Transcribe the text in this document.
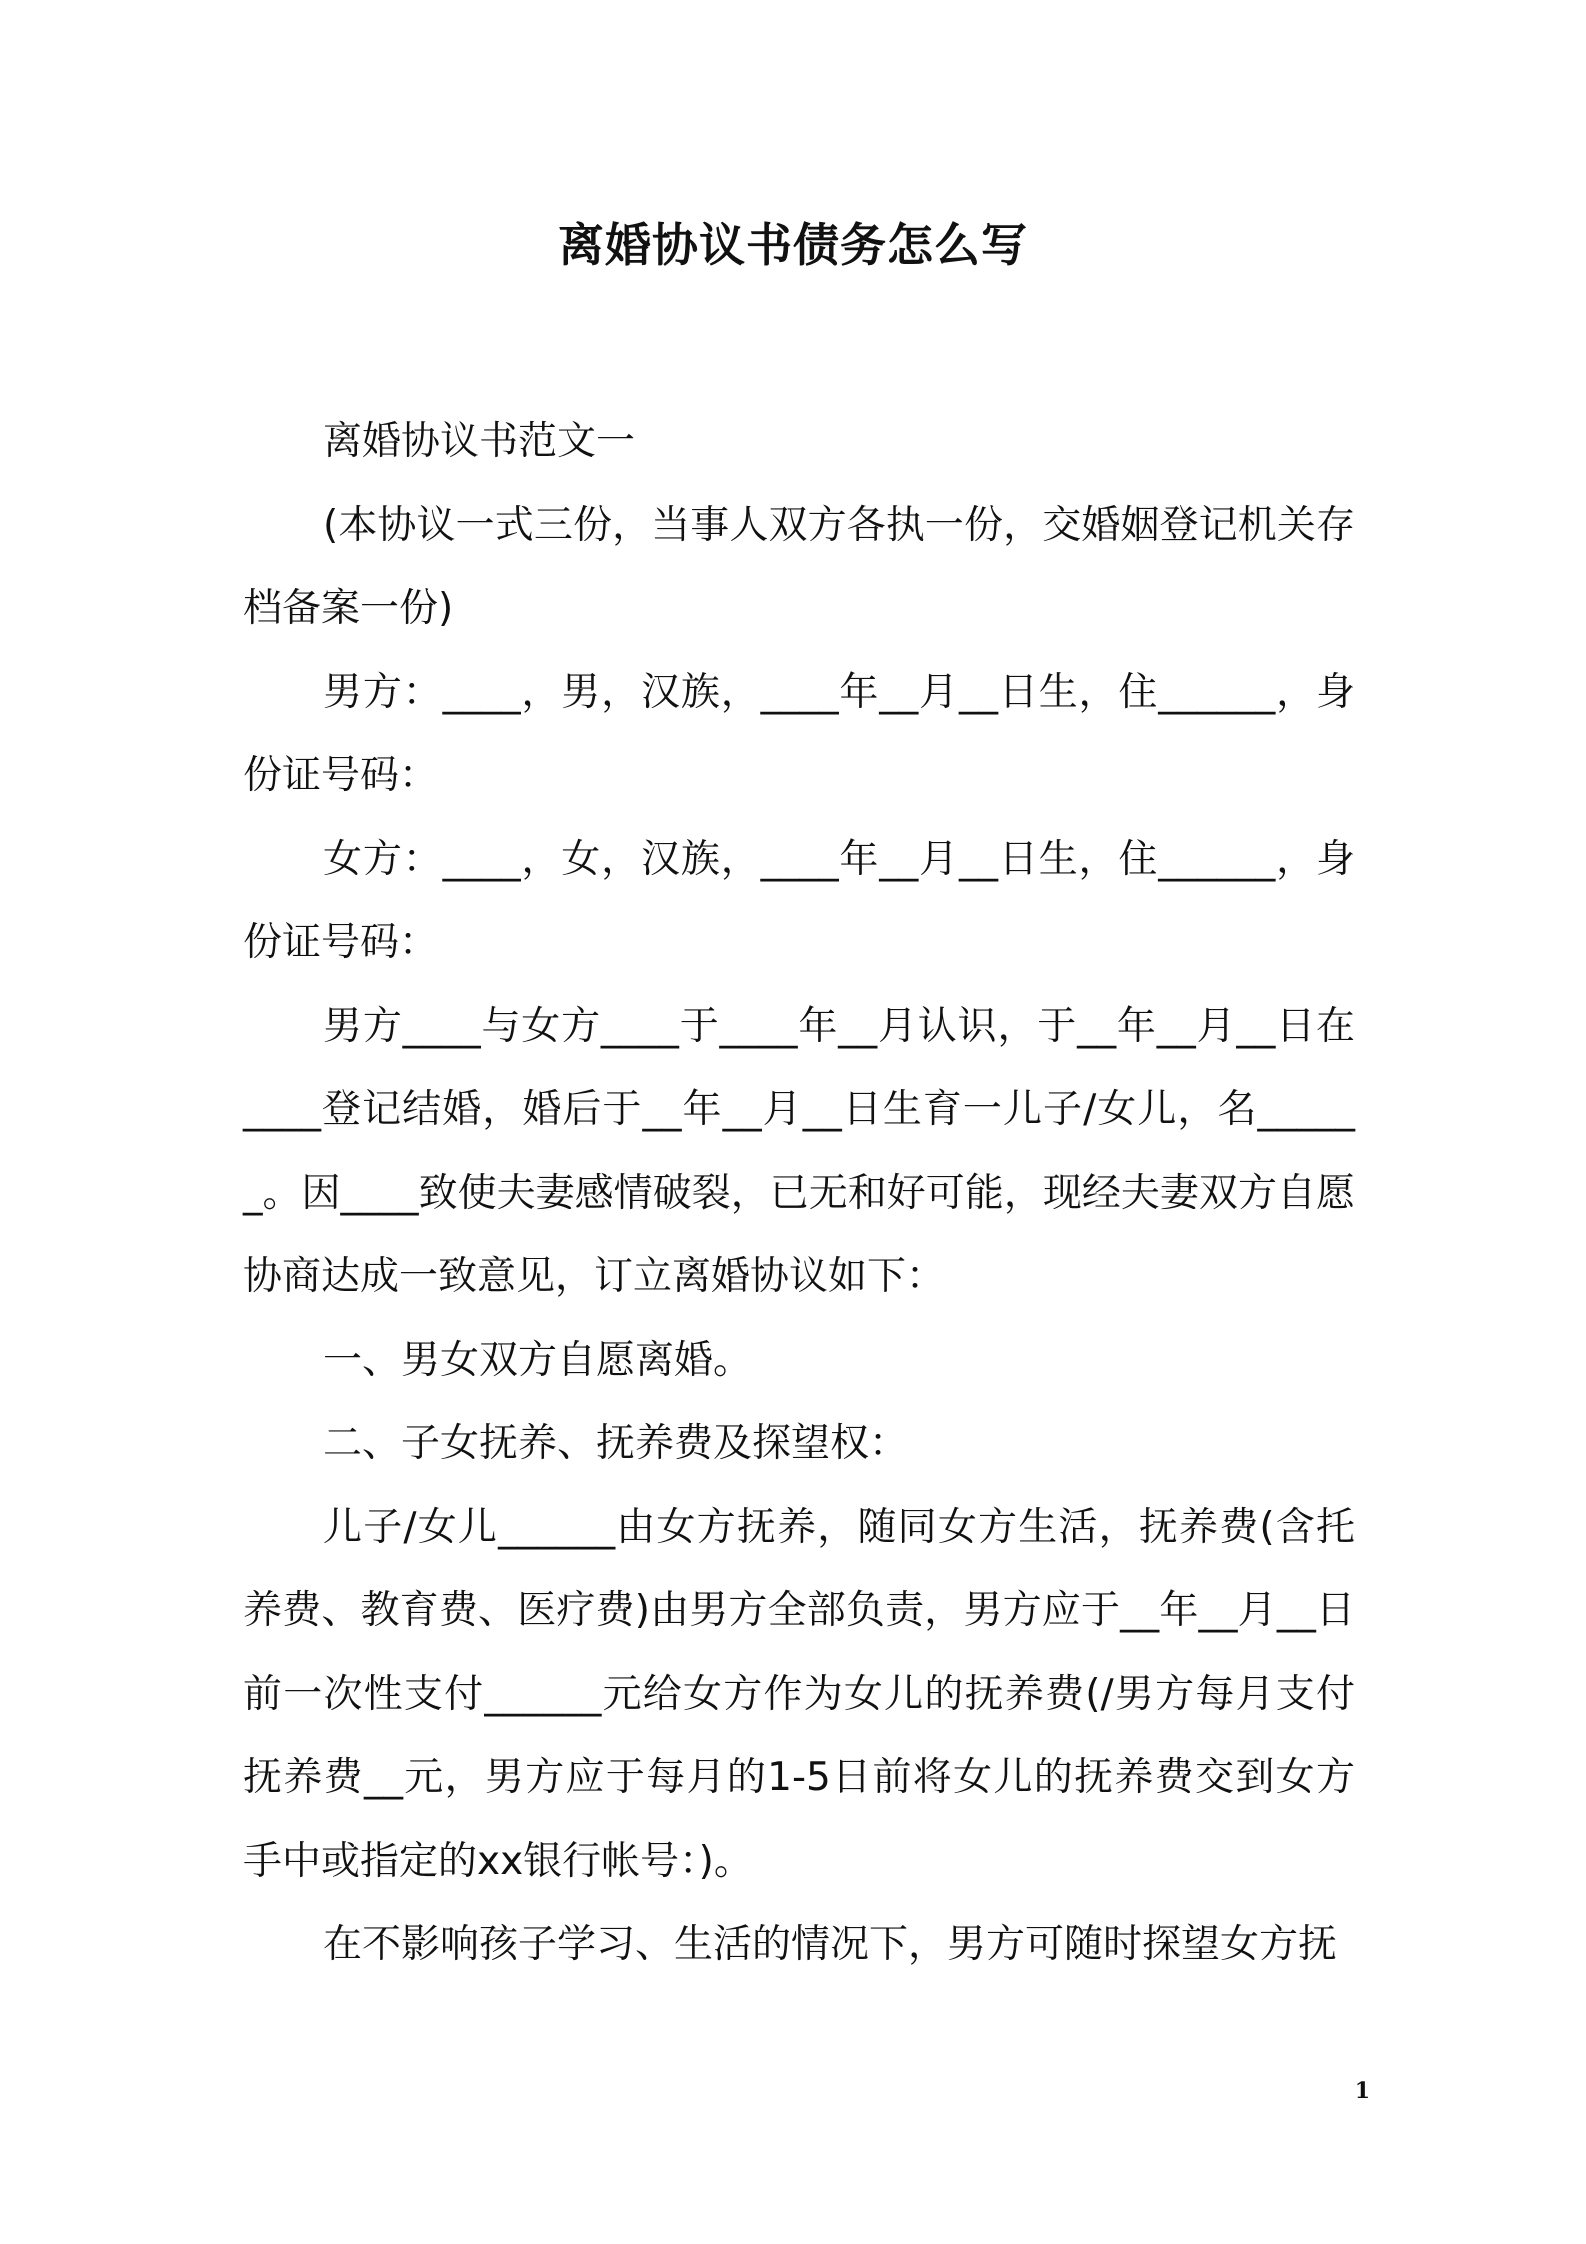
离婚协议书债务怎么写

离婚协议书范文一

(本协议一式三份，当事人双方各执一份，交婚姻登记机关存档备案一份)

男方：____，男，汉族，____年__月__日生，住______，身份证号码：

女方：____，女，汉族，____年__月__日生，住______，身份证号码：

男方____与女方____于____年__月认识，于__年__月__日在____登记结婚，婚后于__年__月__日生育一儿子/女儿，名______。因____致使夫妻感情破裂，已无和好可能，现经夫妻双方自愿协商达成一致意见，订立离婚协议如下：

一、男女双方自愿离婚。

二、子女抚养、抚养费及探望权：

儿子/女儿______由女方抚养，随同女方生活，抚养费(含托养费、教育费、医疗费)由男方全部负责，男方应于__年__月__日前一次性支付______元给女方作为女儿的抚养费(/男方每月支付抚养费__元，男方应于每月的1-5日前将女儿的抚养费交到女方手中或指定的xx银行帐号：)。

在不影响孩子学习、生活的情况下，男方可随时探望女方抚

1
